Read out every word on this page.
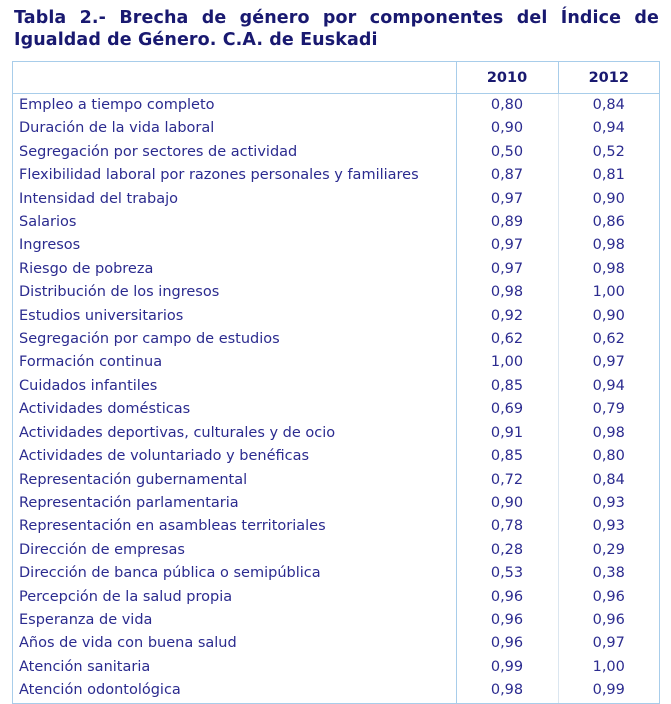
Tabla 2.- Brecha de género por componentes del Índice de
Igualdad de Género. C.A. de Euskadi
	2010	2012
Empleo a tiempo completo	0,80	0,84
Duración de la vida laboral	0,90	0,94
Segregación por sectores de actividad	0,50	0,52
Flexibilidad laboral por razones personales y familiares	0,87	0,81
Intensidad del trabajo	0,97	0,90
Salarios	0,89	0,86
Ingresos	0,97	0,98
Riesgo de pobreza	0,97	0,98
Distribución de los ingresos	0,98	1,00
Estudios universitarios	0,92	0,90
Segregación por campo de estudios	0,62	0,62
Formación continua	1,00	0,97
Cuidados infantiles	0,85	0,94
Actividades domésticas	0,69	0,79
Actividades deportivas, culturales y de ocio	0,91	0,98
Actividades de voluntariado y benéficas	0,85	0,80
Representación gubernamental	0,72	0,84
Representación parlamentaria	0,90	0,93
Representación en asambleas territoriales	0,78	0,93
Dirección de empresas	0,28	0,29
Dirección de banca pública o semipública	0,53	0,38
Percepción de la salud propia	0,96	0,96
Esperanza de vida	0,96	0,96
Años de vida con buena salud	0,96	0,97
Atención sanitaria	0,99	1,00
Atención odontológica	0,98	0,99
